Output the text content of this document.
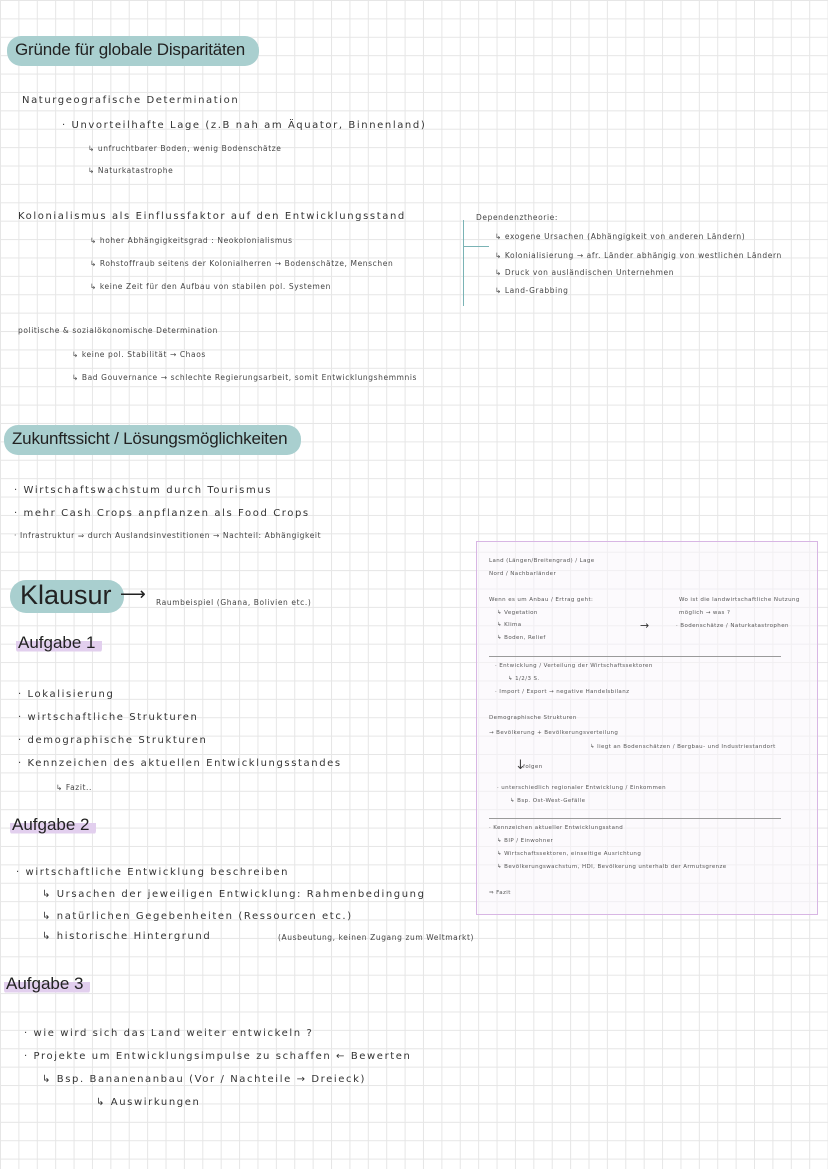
Gründe für globale Disparitäten
Naturgeografische Determination
· Unvorteilhafte Lage (z.B nah am Äquator, Binnenland)
↳ unfruchtbarer Boden, wenig Bodenschätze
↳ Naturkatastrophe
Kolonialismus als Einflussfaktor auf den Entwicklungsstand
↳ hoher Abhängigkeitsgrad : Neokolonialismus
↳ Rohstoffraub seitens der Kolonialherren → Bodenschätze, Menschen
↳ keine Zeit für den Aufbau von stabilen pol. Systemen
Dependenztheorie:
↳ exogene Ursachen (Abhängigkeit von anderen Ländern)
↳ Kolonialisierung → afr. Länder abhängig von westlichen Ländern
↳ Druck von ausländischen Unternehmen
↳ Land-Grabbing
politische & sozialökonomische Determination
↳ keine pol. Stabilität → Chaos
↳ Bad Gouvernance → schlechte Regierungsarbeit, somit Entwicklungshemmnis
Zukunftssicht / Lösungsmöglichkeiten
· Wirtschaftswachstum durch Tourismus
· mehr Cash Crops anpflanzen als Food Crops
· Infrastruktur ⇒ durch Auslandsinvestitionen → Nachteil: Abhängigkeit
Klausur ⟶ Raumbeispiel (Ghana, Bolivien etc.)
Aufgabe 1
· Lokalisierung
· wirtschaftliche Strukturen
· demographische Strukturen
· Kennzeichen des aktuellen Entwicklungsstandes
↳ Fazit..
Aufgabe 2
· wirtschaftliche Entwicklung beschreiben
↳ Ursachen der jeweiligen Entwicklung: Rahmenbedingung
↳ natürlichen Gegebenheiten (Ressourcen etc.)
↳ historische Hintergrund	(Ausbeutung, keinen Zugang zum Weltmarkt)
Aufgabe 3
· wie wird sich das Land weiter entwickeln ?
· Projekte um Entwicklungsimpulse zu schaffen ← Bewerten
↳ Bsp. Bananenanbau (Vor / Nachteile → Dreieck)
↳ Auswirkungen
Land (Längen/Breitengrad) / Lage
Nord / Nachbarländer
Wenn es um Anbau / Ertrag geht:
↳ Vegetation
↳ Klima
↳ Boden, Relief
Wo ist die landwirtschaftliche Nutzung
möglich → was ?
→	· Bodenschätze / Naturkatastrophen
· Entwicklung / Verteilung der Wirtschaftssektoren
↳ 1/2/3 S.
· Import / Export → negative Handelsbilanz
Demographische Strukturen
→ Bevölkerung + Bevölkerungsverteilung
↳ liegt an Bodenschätzen / Bergbau- und Industriestandort
↓
folgen
· unterschiedlich regionaler Entwicklung / Einkommen
↳ Bsp. Ost-West-Gefälle
· Kennzeichen aktueller Entwicklungsstand
↳ BIP / Einwohner
↳ Wirtschaftssektoren, einseitige Ausrichtung
↳ Bevölkerungswachstum, HDI, Bevölkerung unterhalb der Armutsgrenze
⇒ Fazit
